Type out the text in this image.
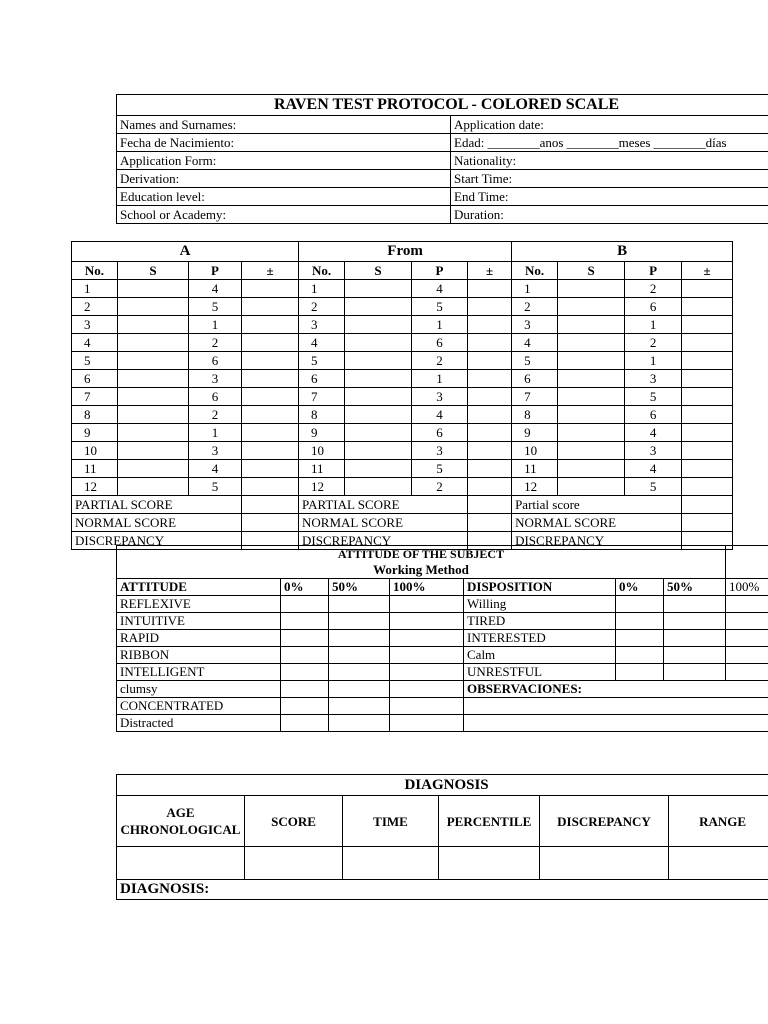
RAVEN TEST PROTOCOL - COLORED SCALE	
Names and Surnames:	Application date:
Fecha de Nacimiento:	Edad: ________anos ________meses ________días
Application Form:	Nationality:
Derivation:	Start Time:
Education level:	End Time:
School or Academy:	Duration:
A				From				B			
No.	S	P	±	No.	S	P	±	No.	S	P	±
1		4		1		4		1		2	
2		5		2		5		2		6	
3		1		3		1		3		1	
4		2		4		6		4		2	
5		6		5		2		5		1	
6		3		6		1		6		3	
7		6		7		3		7		5	
8		2		8		4		8		6	
9		1		9		6		9		4	
10		3		10		3		10		3	
11		4		11		5		11		4	
12		5		12		2		12		5	
PARTIAL SCORE				PARTIAL SCORE				Partial score			
NORMAL SCORE				NORMAL SCORE				NORMAL SCORE			
DISCREPANCY				DISCREPANCY				DISCREPANCY			
ATTITUDE OF THE SUBJECT							
Working Method							
ATTITUDE	0%	50%	100%	DISPOSITION	0%	50%	100%
REFLEXIVE				Willing			
INTUITIVE				TIRED			
RAPID				INTERESTED			
RIBBON				Calm			
INTELLIGENT				UNRESTFUL			
clumsy				OBSERVACIONES:			
CONCENTRATED							
Distracted							
DIAGNOSIS					
AGE CHRONOLOGICAL	SCORE	TIME	PERCENTILE	DISCREPANCY	RANGE

DIAGNOSIS:					
